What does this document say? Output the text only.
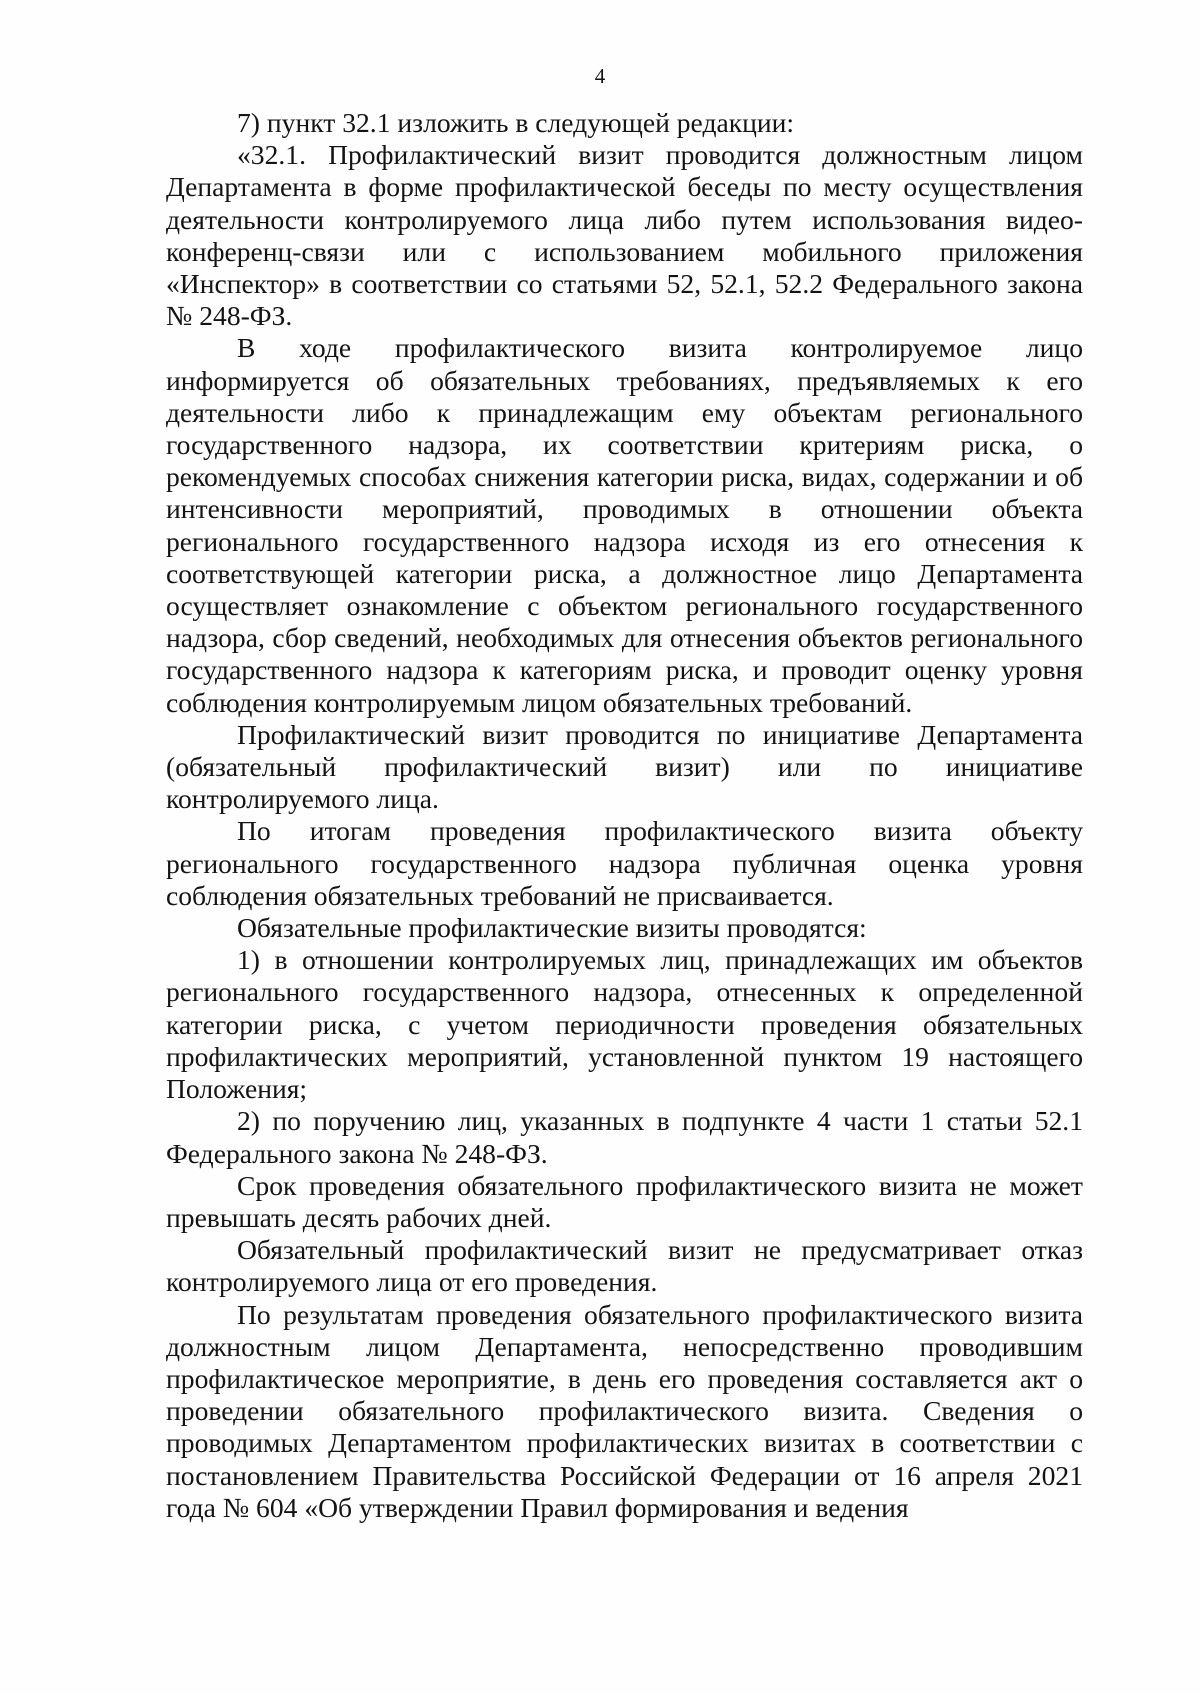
4

7) пункт 32.1 изложить в следующей редакции:

«32.1. Профилактический визит проводится должностным лицом Департамента в форме профилактической беседы по месту осуществления деятельности контролируемого лица либо путем использования видео-конференц-связи или с использованием мобильного приложения «Инспектор» в соответствии со статьями 52, 52.1, 52.2 Федерального закона № 248-ФЗ.

В ходе профилактического визита контролируемое лицо информируется об обязательных требованиях, предъявляемых к его деятельности либо к принадлежащим ему объектам регионального государственного надзора, их соответствии критериям риска, о рекомендуемых способах снижения категории риска, видах, содержании и об интенсивности мероприятий, проводимых в отношении объекта регионального государственного надзора исходя из его отнесения к соответствующей категории риска, а должностное лицо Департамента осуществляет ознакомление с объектом регионального государственного надзора, сбор сведений, необходимых для отнесения объектов регионального государственного надзора к категориям риска, и проводит оценку уровня соблюдения контролируемым лицом обязательных требований.

Профилактический визит проводится по инициативе Департамента (обязательный профилактический визит) или по инициативе контролируемого лица.

По итогам проведения профилактического визита объекту регионального государственного надзора публичная оценка уровня соблюдения обязательных требований не присваивается.

Обязательные профилактические визиты проводятся:

1) в отношении контролируемых лиц, принадлежащих им объектов регионального государственного надзора, отнесенных к определенной категории риска, с учетом периодичности проведения обязательных профилактических мероприятий, установленной пунктом 19 настоящего Положения;

2) по поручению лиц, указанных в подпункте 4 части 1 статьи 52.1 Федерального закона № 248-ФЗ.

Срок проведения обязательного профилактического визита не может превышать десять рабочих дней.

Обязательный профилактический визит не предусматривает отказ контролируемого лица от его проведения.

По результатам проведения обязательного профилактического визита должностным лицом Департамента, непосредственно проводившим профилактическое мероприятие, в день его проведения составляется акт о проведении обязательного профилактического визита. Сведения о проводимых Департаментом профилактических визитах в соответствии с постановлением Правительства Российской Федерации от 16 апреля 2021 года № 604 «Об утверждении Правил формирования и ведения
